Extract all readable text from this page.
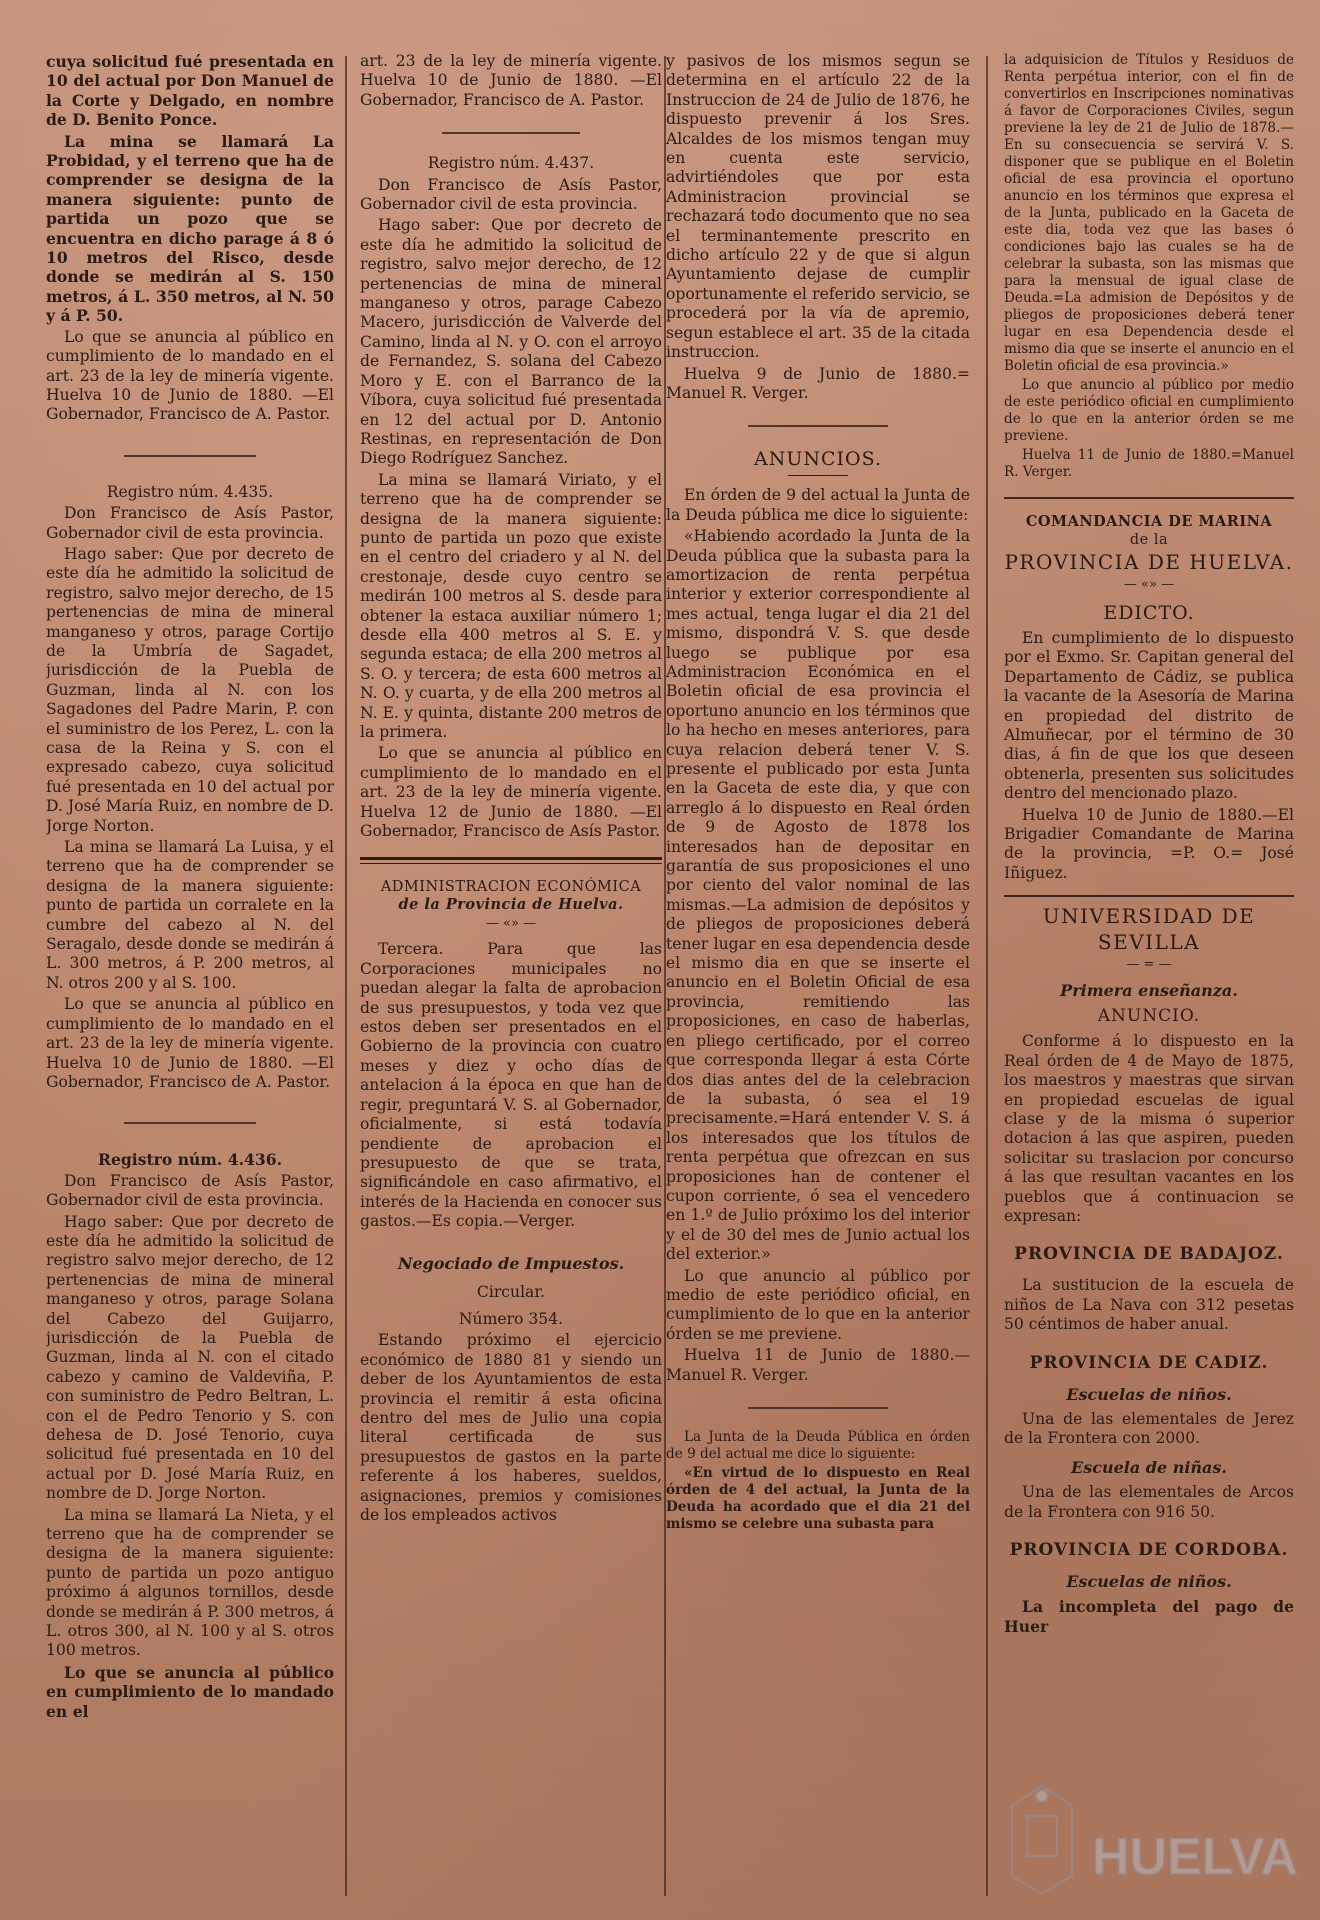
cuya solicitud fué presentada en 10 del actual por Don Manuel de la Corte y Delgado, en nombre de D. Benito Ponce.

La mina se llamará La Probidad, y el terreno que ha de comprender se designa de la manera siguiente: punto de partida un pozo que se encuentra en dicho parage á 8 ó 10 metros del Risco, desde donde se medirán al S. 150 metros, á L. 350 metros, al N. 50 y á P. 50.

Lo que se anuncia al público en cumplimiento de lo mandado en el art. 23 de la ley de minería vigente. Huelva 10 de Junio de 1880. —El Gobernador, Francisco de A. Pastor.

Registro núm. 4.435.

Don Francisco de Asís Pastor, Gobernador civil de esta provincia.

Hago saber: Que por decreto de este día he admitido la solicitud de registro, salvo mejor derecho, de 15 pertenencias de mina de mineral manganeso y otros, parage Cortijo de la Umbría de Sagadet, jurisdicción de la Puebla de Guzman, linda al N. con los Sagadones del Padre Marin, P. con el suministro de los Perez, L. con la casa de la Reina y S. con el expresado cabezo, cuya solicitud fué presentada en 10 del actual por D. José María Ruiz, en nombre de D. Jorge Norton.

La mina se llamará La Luisa, y el terreno que ha de comprender se designa de la manera siguiente: punto de partida un corralete en la cumbre del cabezo al N. del Seragalo, desde donde se medirán á L. 300 metros, á P. 200 metros, al N. otros 200 y al S. 100.

Lo que se anuncia al público en cumplimiento de lo mandado en el art. 23 de la ley de minería vigente. Huelva 10 de Junio de 1880. —El Gobernador, Francisco de A. Pastor.

Registro núm. 4.436.

Don Francisco de Asís Pastor, Gobernador civil de esta provincia.

Hago saber: Que por decreto de este día he admitido la solicitud de registro salvo mejor derecho, de 12 pertenencias de mina de mineral manganeso y otros, parage Solana del Cabezo del Guijarro, jurisdicción de la Puebla de Guzman, linda al N. con el citado cabezo y camino de Valdeviña, P. con suministro de Pedro Beltran, L. con el de Pedro Tenorio y S. con dehesa de D. José Tenorio, cuya solicitud fué presentada en 10 del actual por D. José María Ruiz, en nombre de D. Jorge Norton.

La mina se llamará La Nieta, y el terreno que ha de comprender se designa de la manera siguiente: punto de partida un pozo antiguo próximo á algunos tornillos, desde donde se medirán á P. 300 metros, á L. otros 300, al N. 100 y al S. otros 100 metros.

Lo que se anuncia al público en cumplimiento de lo mandado en el

art. 23 de la ley de minería vigente. Huelva 10 de Junio de 1880. —El Gobernador, Francisco de A. Pastor.

Registro núm. 4.437.

Don Francisco de Asís Pastor, Gobernador civil de esta provincia.

Hago saber: Que por decreto de este día he admitido la solicitud de registro, salvo mejor derecho, de 12 pertenencias de mina de mineral manganeso y otros, parage Cabezo Macero, jurisdicción de Valverde del Camino, linda al N. y O. con el arroyo de Fernandez, S. solana del Cabezo Moro y E. con el Barranco de la Víbora, cuya solicitud fué presentada en 12 del actual por D. Antonio Restinas, en representación de Don Diego Rodríguez Sanchez.

La mina se llamará Viriato, y el terreno que ha de comprender se designa de la manera siguiente: punto de partida un pozo que existe en el centro del criadero y al N. del crestonaje, desde cuyo centro se medirán 100 metros al S. desde para obtener la estaca auxiliar número 1; desde ella 400 metros al S. E. y segunda estaca; de ella 200 metros al S. O. y tercera; de esta 600 metros al N. O. y cuarta, y de ella 200 metros al N. E. y quinta, distante 200 metros de la primera.

Lo que se anuncia al público en cumplimiento de lo mandado en el art. 23 de la ley de minería vigente. Huelva 12 de Junio de 1880. —El Gobernador, Francisco de Asís Pastor.

ADMINISTRACION ECONÓMICA
de la Provincia de Huelva.
— «» —

Tercera. Para que las Corporaciones municipales no puedan alegar la falta de aprobacion de sus presupuestos, y toda vez que estos deben ser presentados en el Gobierno de la provincia con cuatro meses y diez y ocho días de antelacion á la época en que han de regir, preguntará V. S. al Gobernador, oficialmente, si está todavía pendiente de aprobacion el presupuesto de que se trata, significándole en caso afirmativo, el interés de la Hacienda en conocer sus gastos.—Es copia.—Verger.

Negociado de Impuestos.
Circular.
Número 354.

Estando próximo el ejercicio económico de 1880 81 y siendo un deber de los Ayuntamientos de esta provincia el remitir á esta oficina dentro del mes de Julio una copia literal certificada de sus presupuestos de gastos en la parte referente á los haberes, sueldos, asignaciones, premios y comisiones de los empleados activos

y pasivos de los mismos segun se determina en el artículo 22 de la Instruccion de 24 de Julio de 1876, he dispuesto prevenir á los Sres. Alcaldes de los mismos tengan muy en cuenta este servicio, advirtiéndoles que por esta Administracion provincial se rechazará todo documento que no sea el terminantemente prescrito en dicho artículo 22 y de que si algun Ayuntamiento dejase de cumplir oportunamente el referido servicio, se procederá por la vía de apremio, segun establece el art. 35 de la citada instruccion.

Huelva 9 de Junio de 1880.= Manuel R. Verger.

ANUNCIOS.

En órden de 9 del actual la Junta de la Deuda pública me dice lo siguiente:

«Habiendo acordado la Junta de la Deuda pública que la subasta para la amortizacion de renta perpétua interior y exterior correspondiente al mes actual, tenga lugar el dia 21 del mismo, dispondrá V. S. que desde luego se publique por esa Administracion Económica en el Boletin oficial de esa provincia el oportuno anuncio en los términos que lo ha hecho en meses anteriores, para cuya relacion deberá tener V. S. presente el publicado por esta Junta en la Gaceta de este dia, y que con arreglo á lo dispuesto en Real órden de 9 de Agosto de 1878 los interesados han de depositar en garantía de sus proposiciones el uno por ciento del valor nominal de las mismas.—La admision de depósitos y de pliegos de proposiciones deberá tener lugar en esa dependencia desde el mismo dia en que se inserte el anuncio en el Boletin Oficial de esa provincia, remitiendo las proposiciones, en caso de haberlas, en pliego certificado, por el correo que corresponda llegar á esta Córte dos dias antes del de la celebracion de la subasta, ó sea el 19 precisamente.=Hará entender V. S. á los interesados que los títulos de renta perpétua que ofrezcan en sus proposiciones han de contener el cupon corriente, ó sea el vencedero en 1.º de Julio próximo los del interior y el de 30 del mes de Junio actual los del exterior.»

Lo que anuncio al público por medio de este periódico oficial, en cumplimiento de lo que en la anterior órden se me previene.

Huelva 11 de Junio de 1880.— Manuel R. Verger.

La Junta de la Deuda Pública en órden de 9 del actual me dice lo siguiente:

«En virtud de lo dispuesto en Real órden de 4 del actual, la Junta de la Deuda ha acordado que el dia 21 del mismo se celebre una subasta para

la adquisicion de Títulos y Residuos de Renta perpétua interior, con el fin de convertirlos en Inscripciones nominativas á favor de Corporaciones Civiles, segun previene la ley de 21 de Julio de 1878.—En su consecuencia se servirá V. S. disponer que se publique en el Boletin oficial de esa provincia el oportuno anuncio en los términos que expresa el de la Junta, publicado en la Gaceta de este dia, toda vez que las bases ó condiciones bajo las cuales se ha de celebrar la subasta, son las mismas que para la mensual de igual clase de Deuda.=La admision de Depósitos y de pliegos de proposiciones deberá tener lugar en esa Dependencia desde el mismo dia que se inserte el anuncio en el Boletin oficial de esa provincia.»

Lo que anuncio al público por medio de este periódico oficial en cumplimiento de lo que en la anterior órden se me previene.

Huelva 11 de Junio de 1880.=Manuel R. Verger.

COMANDANCIA DE MARINA
de la
PROVINCIA DE HUELVA.
— «» —
EDICTO.

En cumplimiento de lo dispuesto por el Exmo. Sr. Capitan general del Departamento de Cádiz, se publica la vacante de la Asesoría de Marina en propiedad del distrito de Almuñecar, por el término de 30 dias, á fin de que los que deseen obtenerla, presenten sus solicitudes dentro del mencionado plazo.

Huelva 10 de Junio de 1880.—El Brigadier Comandante de Marina de la provincia, =P. O.= José Iñiguez.

UNIVERSIDAD DE SEVILLA
— = —
Primera enseñanza.
ANUNCIO.

Conforme á lo dispuesto en la Real órden de 4 de Mayo de 1875, los maestros y maestras que sirvan en propiedad escuelas de igual clase y de la misma ó superior dotacion á las que aspiren, pueden solicitar su traslacion por concurso á las que resultan vacantes en los pueblos que á continuacion se expresan:

PROVINCIA DE BADAJOZ.

La sustitucion de la escuela de niños de La Nava con 312 pesetas 50 céntimos de haber anual.

PROVINCIA DE CADIZ.
Escuelas de niños.

Una de las elementales de Jerez de la Frontera con 2000.

Escuela de niñas.

Una de las elementales de Arcos de la Frontera con 916 50.

PROVINCIA DE CORDOBA.
Escuelas de niños.

La incompleta del pago de Huer

HUELVA
